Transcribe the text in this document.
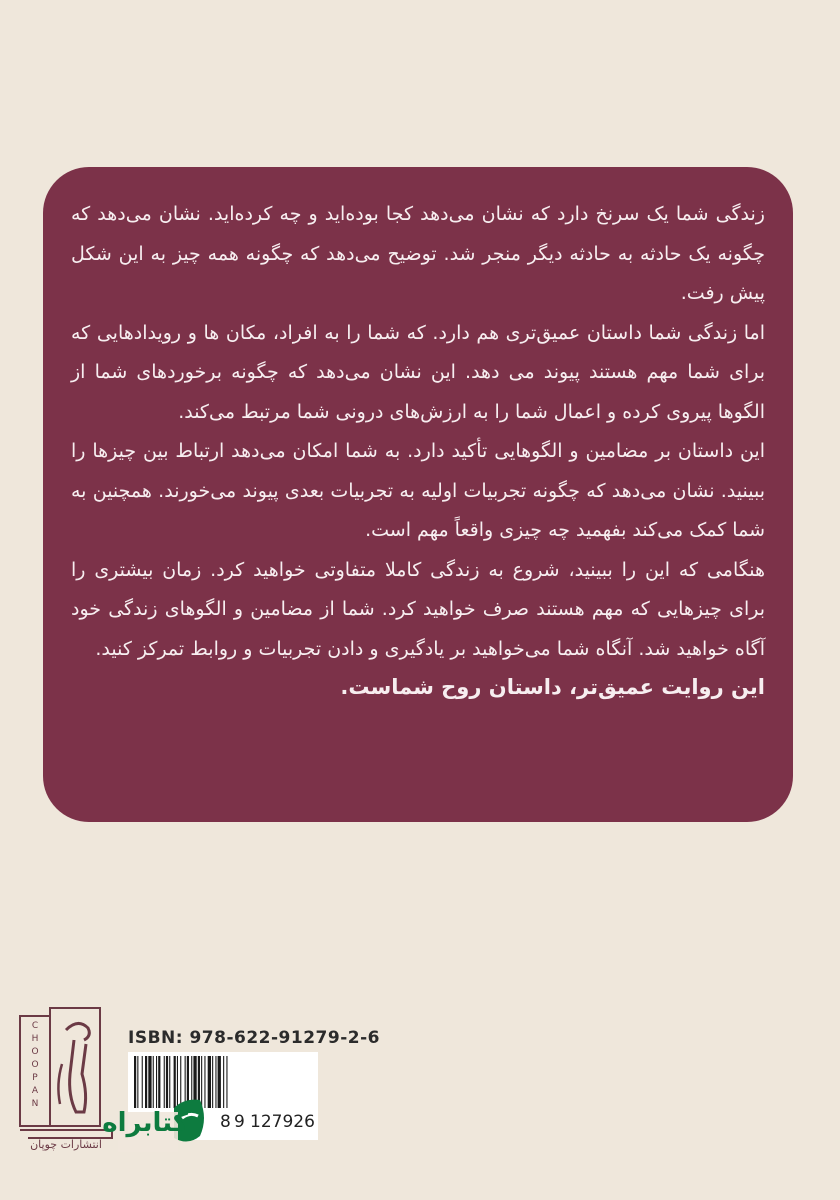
زندگی شما یک سرنخ دارد که نشان می‌دهد کجا بوده‌اید و چه کرده‌اید. نشان می‌دهد که چگونه یک حادثه به حادثه دیگر منجر شد. توضیح می‌دهد که چگونه همه چیز به این شکل پیش رفت.

اما زندگی شما داستان عمیق‌تری هم دارد. که شما را به افراد، مکان ها و رویدادهایی که برای شما مهم هستند پیوند می دهد. این نشان می‌دهد که چگونه برخوردهای شما از الگوها پیروی کرده و اعمال شما را به ارزش‌های درونی شما مرتبط می‌کند.

این داستان بر مضامین و الگوهایی تأکید دارد. به شما امکان می‌دهد ارتباط بین چیزها را ببینید. نشان می‌دهد که چگونه تجربیات اولیه به تجربیات بعدی پیوند می‌خورند. همچنین به شما کمک می‌کند بفهمید چه چیزی واقعاً مهم است.

هنگامی که این را ببینید، شروع به زندگی کاملا متفاوتی خواهید کرد. زمان بیشتری را برای چیزهایی که مهم هستند صرف خواهید کرد. شما از مضامین و الگوهای زندگی خود آگاه خواهید شد. آنگاه شما می‌خواهید بر یادگیری و دادن تجربیات و روابط تمرکز کنید.

این روایت عمیق‌تر، داستان روح شماست.

C
H
O
O
P
A
N
انتشارات چوپان
ISBN: 978-622-91279-2-6
8 9 127926
کتابراه
